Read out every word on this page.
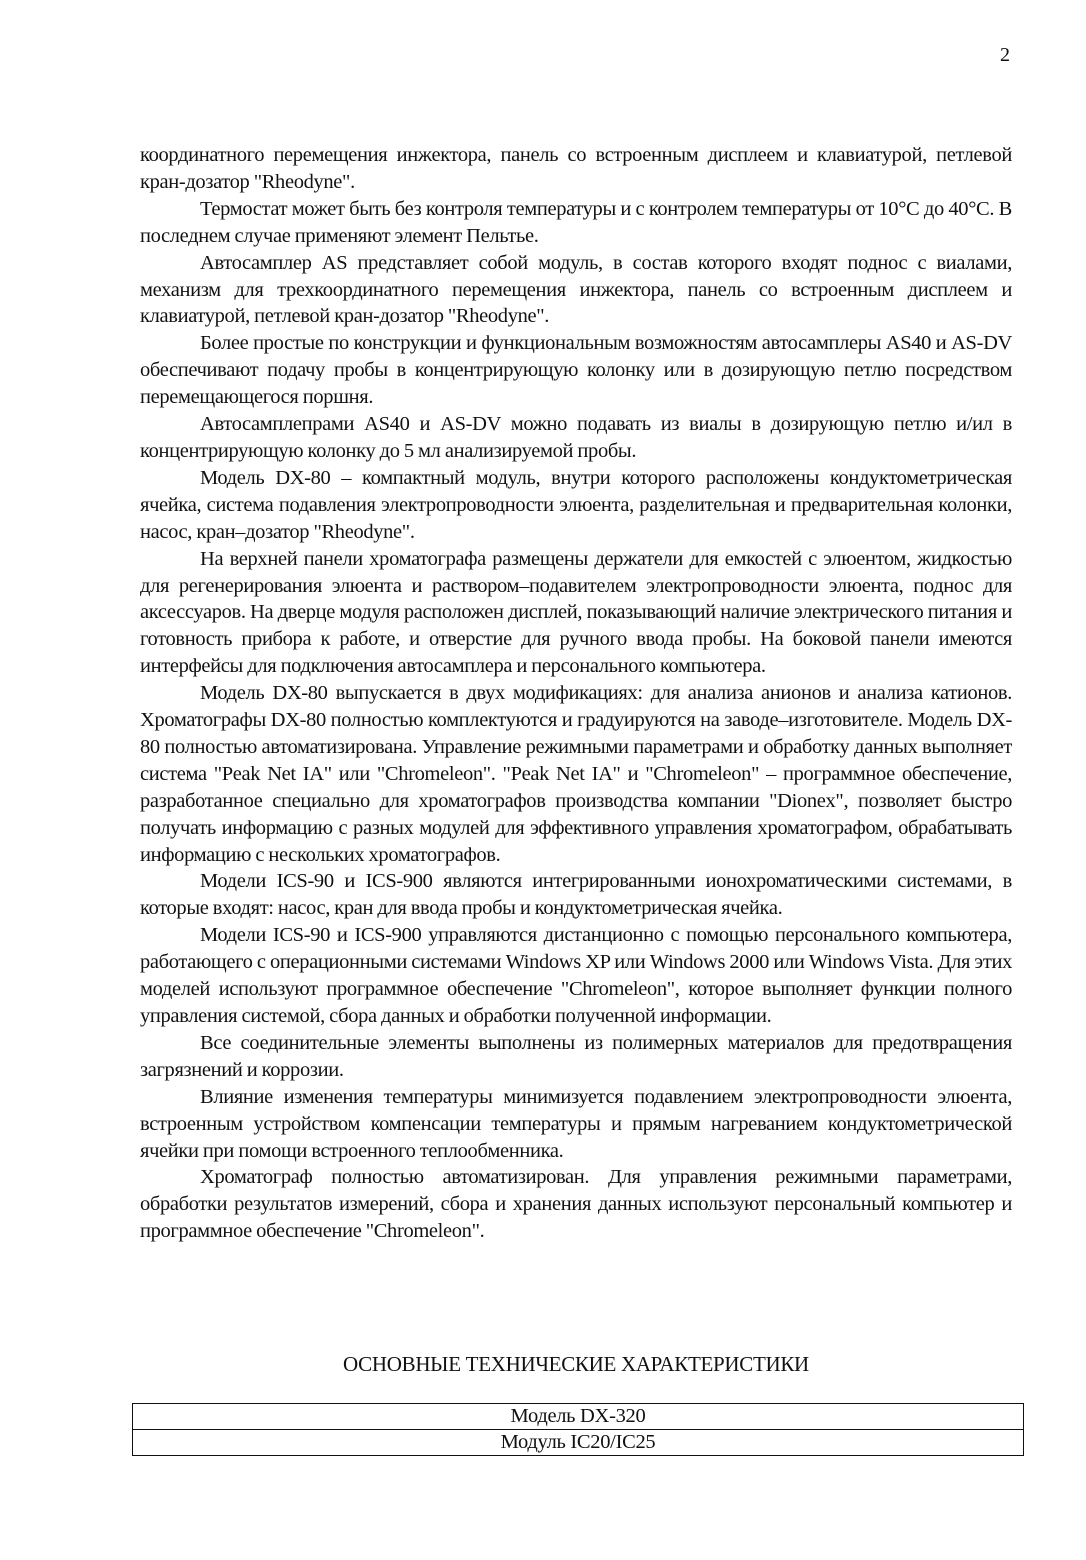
2

координатного перемещения инжектора, панель со встроенным дисплеем и клавиатурой, петлевой кран-дозатор "Rheodyne".

Термостат может быть без контроля температуры и с контролем температуры от 10°С до 40°С. В последнем случае применяют элемент Пельтье.

Автосамплер AS представляет собой модуль, в состав которого входят поднос с виалами, механизм для трехкоординатного перемещения инжектора, панель со встроенным дисплеем и клавиатурой, петлевой кран-дозатор "Rheodyne".

Более простые по конструкции и функциональным возможностям автосамплеры AS40 и AS-DV обеспечивают подачу пробы в концентрирующую колонку или в дозирующую петлю посредством перемещающегося поршня.

Автосамплепрами AS40 и AS-DV можно подавать из виалы в дозирующую петлю и/ил в концентрирующую колонку до 5 мл анализируемой пробы.

Модель DX-80 – компактный модуль, внутри которого расположены кондуктометрическая ячейка, система подавления электропроводности элюента, разделительная и предварительная колонки, насос, кран–дозатор "Rheodyne".

На верхней панели хроматографа размещены держатели для емкостей с элюентом, жидкостью для регенерирования элюента и раствором–подавителем электропроводности элюента, поднос для аксессуаров. На дверце модуля расположен дисплей, показывающий наличие электрического питания и готовность прибора к работе, и отверстие для ручного ввода пробы. На боковой панели имеются интерфейсы для подключения автосамплера и персонального компьютера.

Модель DX-80 выпускается в двух модификациях: для анализа анионов и анализа катионов. Хроматографы DX-80 полностью комплектуются и градуируются на заводе–изготовителе. Модель DX-80 полностью автоматизирована. Управление режимными параметрами и обработку данных выполняет система "Peak Net IA" или "Chromeleon". "Peak Net IA" и "Chromeleon" – программное обеспечение, разработанное специально для хроматографов производства компании "Dionex", позволяет быстро получать информацию с разных модулей для эффективного управления хроматографом, обрабатывать информацию с нескольких хроматографов.

Модели ICS-90 и ICS-900 являются интегрированными ионохроматическими системами, в которые входят: насос, кран для ввода пробы и кондуктометрическая ячейка.

Модели ICS-90 и ICS-900 управляются дистанционно с помощью персонального компьютера, работающего с операционными системами Windows XP или Windows 2000 или Windows Vista. Для этих моделей используют программное обеспечение "Chromeleon", которое выполняет функции полного управления системой, сбора данных и обработки полученной информации.

Все соединительные элементы выполнены из полимерных материалов для предотвращения загрязнений и коррозии.

Влияние изменения температуры минимизуется подавлением электропроводности элюента, встроенным устройством компенсации температуры и прямым нагреванием кондуктометрической ячейки при помощи встроенного теплообменника.

Хроматограф полностью автоматизирован. Для управления режимными параметрами, обработки результатов измерений, сбора и хранения данных используют персональный компьютер и программное обеспечение "Chromeleon".

ОСНОВНЫЕ ТЕХНИЧЕСКИЕ ХАРАКТЕРИСТИКИ
Модель DX-320
Модуль IC20/IC25
